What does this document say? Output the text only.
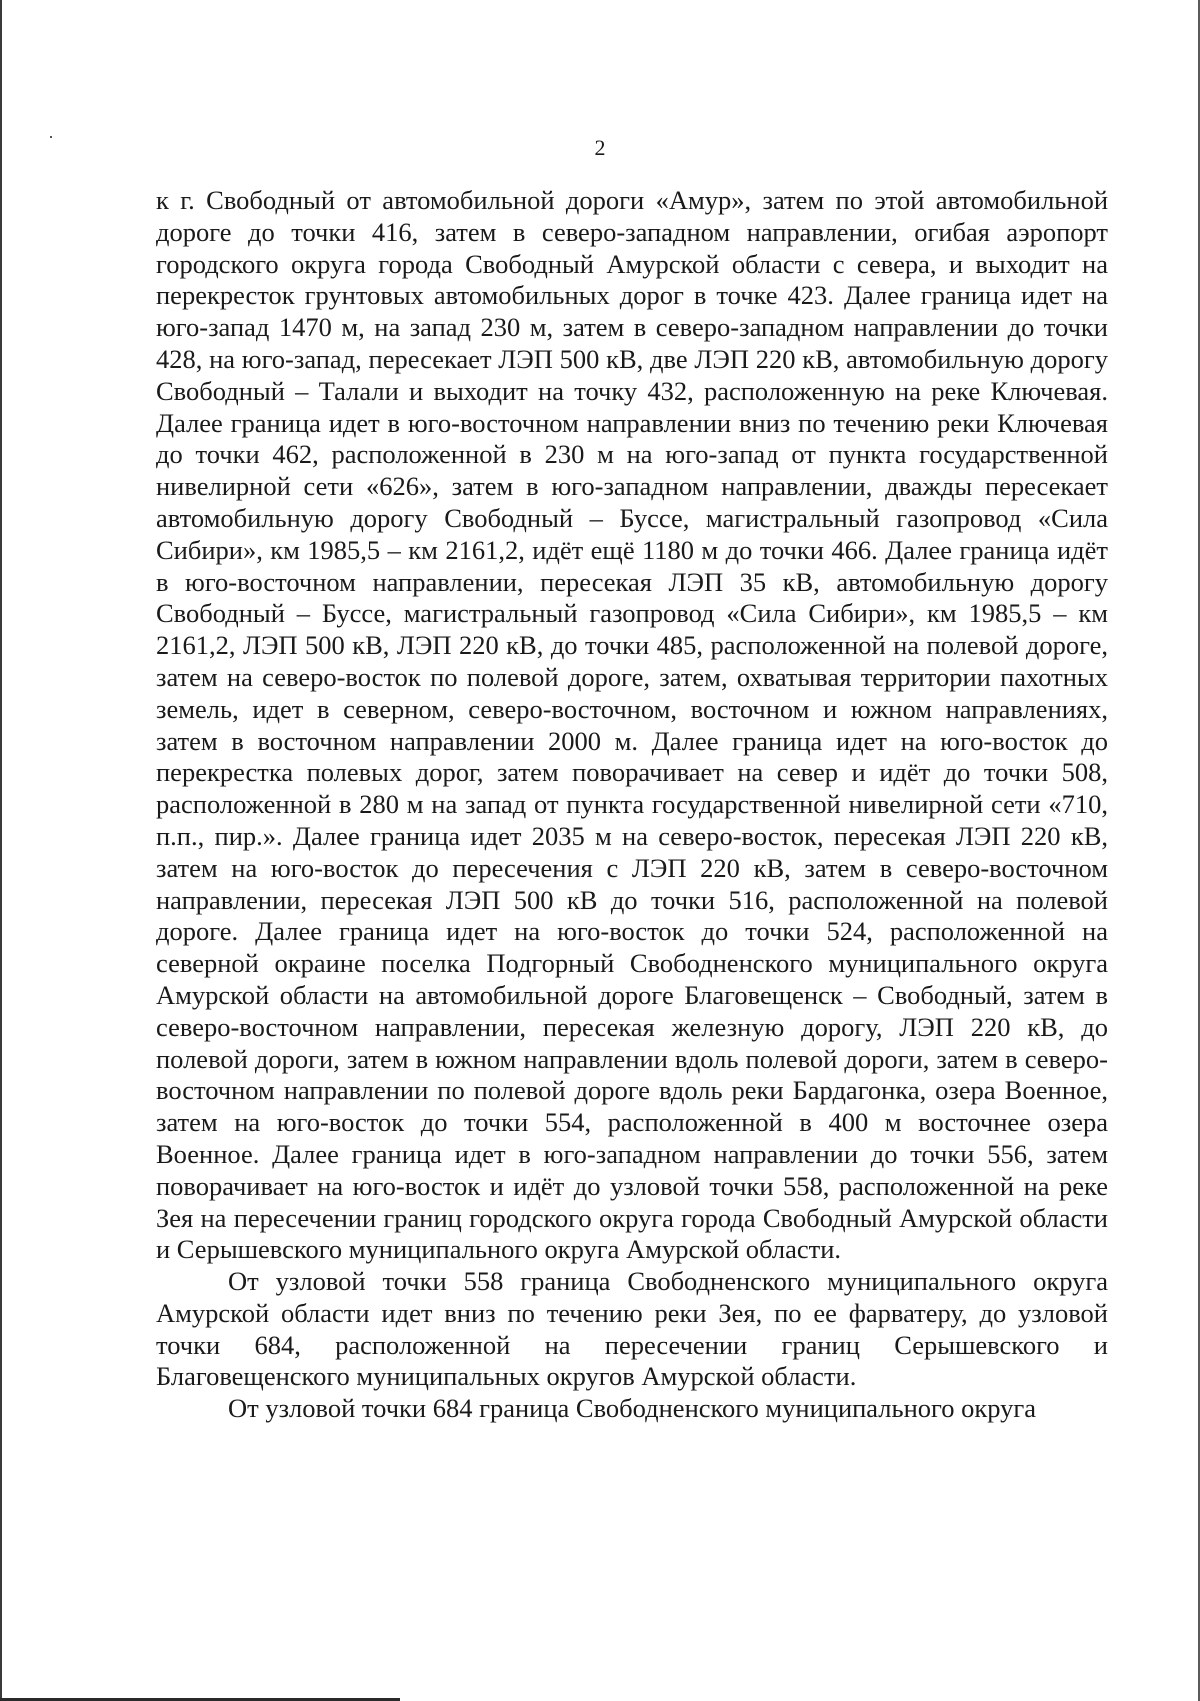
2

к г. Свободный от автомобильной дороги «Амур», затем по этой автомобильной дороге до точки 416, затем в северо-западном направлении, огибая аэропорт городского округа города Свободный Амурской области с севера, и выходит на перекресток грунтовых автомобильных дорог в точке 423. Далее граница идет на юго-запад 1470 м, на запад 230 м, затем в северо-западном направлении до точки 428, на юго-запад, пересекает ЛЭП 500 кВ, две ЛЭП 220 кВ, автомобильную дорогу Свободный – Талали и выходит на точку 432, расположенную на реке Ключевая. Далее граница идет в юго-восточном направлении вниз по течению реки Ключевая до точки 462, расположенной в 230 м на юго-запад от пункта государственной нивелирной сети «626», затем в юго-западном направлении, дважды пересекает автомобильную дорогу Свободный – Буссе, магистральный газопровод «Сила Сибири», км 1985,5 – км 2161,2, идёт ещё 1180 м до точки 466. Далее граница идёт в юго-восточном направлении, пересекая ЛЭП 35 кВ, автомобильную дорогу Свободный – Буссе, магистральный газопровод «Сила Сибири», км 1985,5 – км 2161,2, ЛЭП 500 кВ, ЛЭП 220 кВ, до точки 485, расположенной на полевой дороге, затем на северо-восток по полевой дороге, затем, охватывая территории пахотных земель, идет в северном, северо-восточном, восточном и южном направлениях, затем в восточном направлении 2000 м. Далее граница идет на юго-восток до перекрестка полевых дорог, затем поворачивает на север и идёт до точки 508, расположенной в 280 м на запад от пункта государственной нивелирной сети «710, п.п., пир.». Далее граница идет 2035 м на северо-восток, пересекая ЛЭП 220 кВ, затем на юго-восток до пересечения с ЛЭП 220 кВ, затем в северо-восточном направлении, пересекая ЛЭП 500 кВ до точки 516, расположенной на полевой дороге. Далее граница идет на юго-восток до точки 524, расположенной на северной окраине поселка Подгорный Свободненского муниципального округа Амурской области на автомобильной дороге Благовещенск – Свободный, затем в северо-восточном направлении, пересекая железную дорогу, ЛЭП 220 кВ, до полевой дороги, затем в южном направлении вдоль полевой дороги, затем в северо-восточном направлении по полевой дороге вдоль реки Бардагонка, озера Военное, затем на юго-восток до точки 554, расположенной в 400 м восточнее озера Военное. Далее граница идет в юго-западном направлении до точки 556, затем поворачивает на юго-восток и идёт до узловой точки 558, расположенной на реке Зея на пересечении границ городского округа города Свободный Амурской области и Серышевского муниципального округа Амурской области.

От узловой точки 558 граница Свободненского муниципального округа Амурской области идет вниз по течению реки Зея, по ее фарватеру, до узловой точки 684, расположенной на пересечении границ Серышевского и Благовещенского муниципальных округов Амурской области.

От узловой точки 684 граница Свободненского муниципального округа
